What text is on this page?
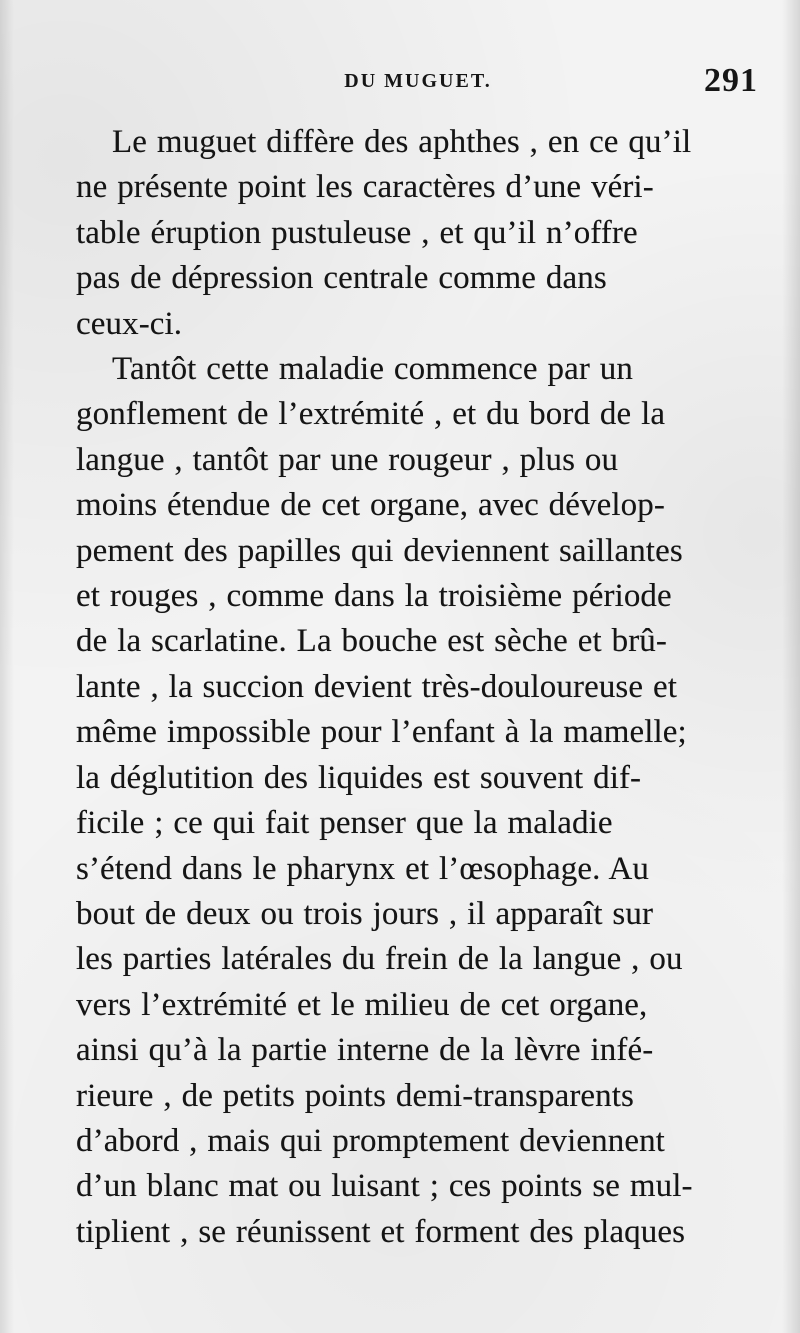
DU MUGUET.	291
Le muguet diffère des aphthes , en ce qu’il
ne présente point les caractères d’une véri-
table éruption pustuleuse , et qu’il n’offre
pas de dépression centrale comme dans
ceux-ci.
Tantôt cette maladie commence par un
gonflement de l’extrémité , et du bord de la
langue , tantôt par une rougeur , plus ou
moins étendue de cet organe, avec dévelop-
pement des papilles qui deviennent saillantes
et rouges , comme dans la troisième période
de la scarlatine. La bouche est sèche et brû-
lante , la succion devient très-douloureuse et
même impossible pour l’enfant à la mamelle;
la déglutition des liquides est souvent dif-
ficile ; ce qui fait penser que la maladie
s’étend dans le pharynx et l’œsophage. Au
bout de deux ou trois jours , il apparaît sur
les parties latérales du frein de la langue , ou
vers l’extrémité et le milieu de cet organe,
ainsi qu’à la partie interne de la lèvre infé-
rieure , de petits points demi-transparents
d’abord , mais qui promptement deviennent
d’un blanc mat ou luisant ; ces points se mul-
tiplient , se réunissent et forment des plaques
